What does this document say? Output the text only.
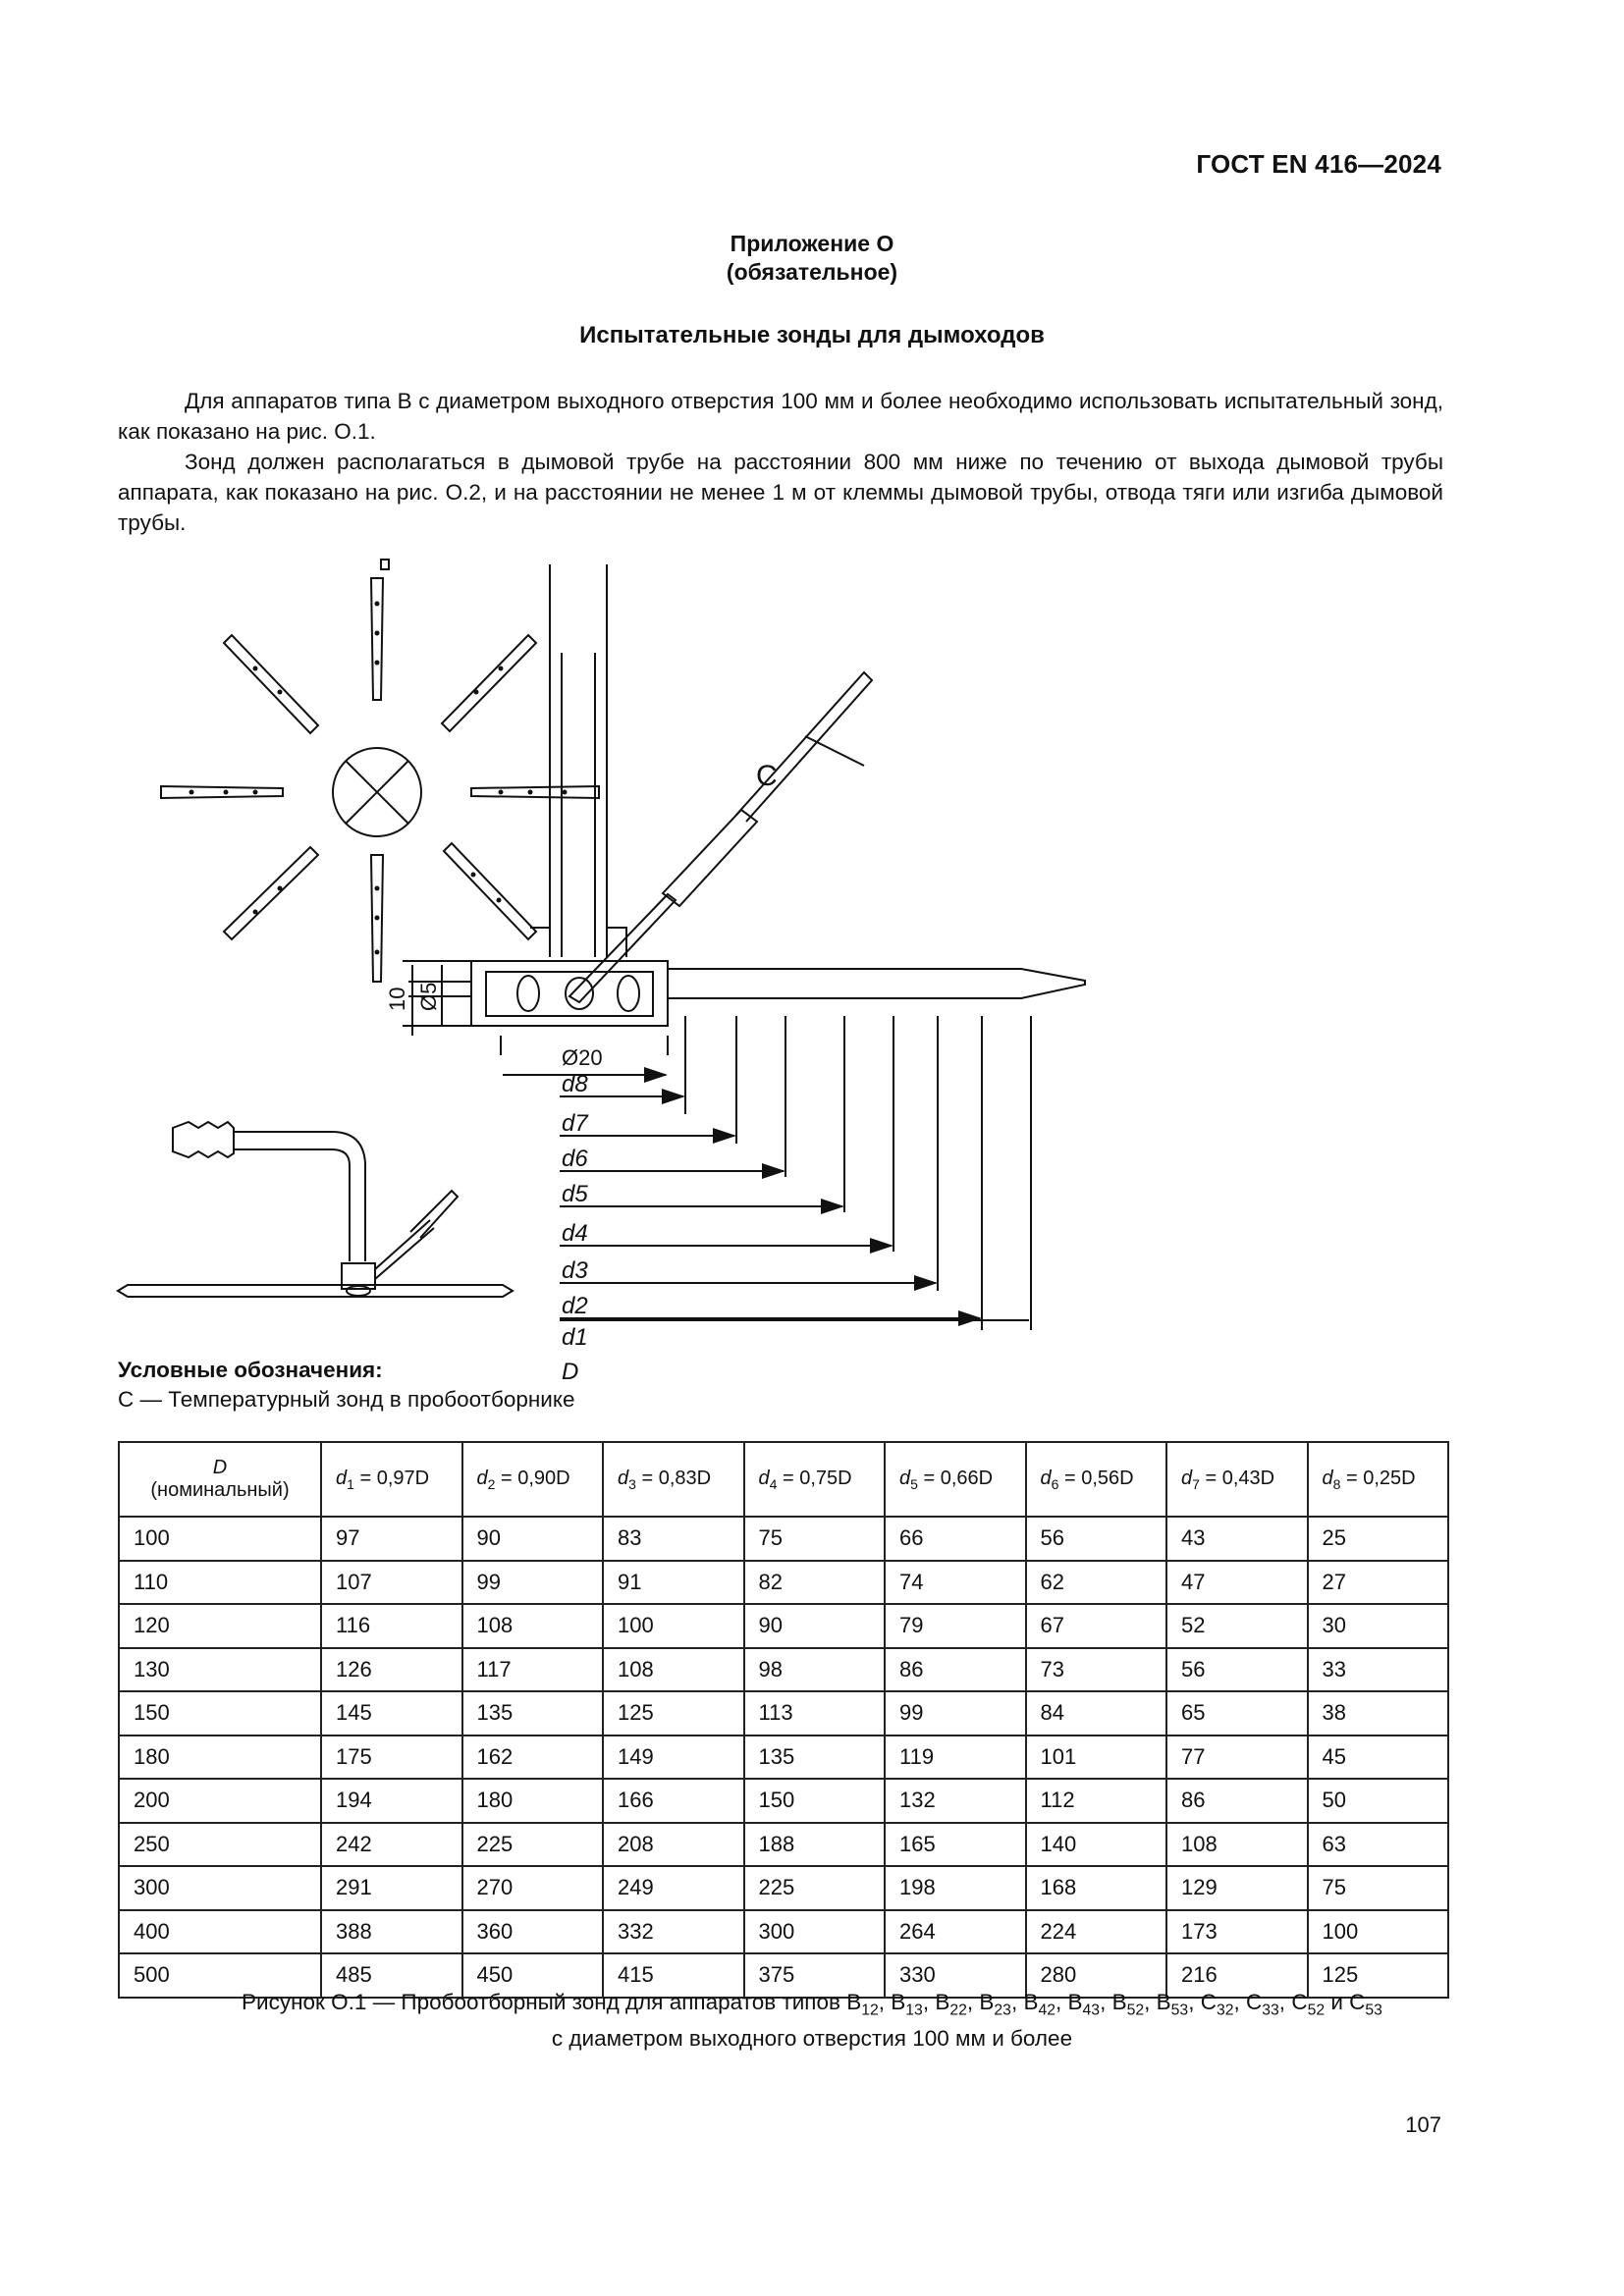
ГОСТ EN 416—2024
Приложение О
(обязательное)
Испытательные зонды для дымоходов
Для аппаратов типа В с диаметром выходного отверстия 100 мм и более необходимо использовать испытательный зонд, как показано на рис. О.1.
Зонд должен располагаться в дымовой трубе на расстоянии 800 мм ниже по течению от выхода дымовой трубы аппарата, как показано на рис. О.2, и на расстоянии не менее 1 м от клеммы дымовой трубы, отвода тяги или изгиба дымовой трубы.
C
10 Ø5
Ø20
d8
d7
d6
d5
d4
d3
d2
d1
D
Условные обозначения:
С — Температурный зонд в пробоотборнике
D
(номинальный)	$d_1 = 0,97D$	$d_2 = 0,90D$	$d_3 = 0,83D$	$d_4 = 0,75D$	$d_5 = 0,66D$	$d_6 = 0,56D$	$d_7 = 0,43D$	$d_8 = 0,25D$
100	97	90	83	75	66	56	43	25
110	107	99	91	82	74	62	47	27
120	116	108	100	90	79	67	52	30
130	126	117	108	98	86	73	56	33
150	145	135	125	113	99	84	65	38
180	175	162	149	135	119	101	77	45
200	194	180	166	150	132	112	86	50
250	242	225	208	188	165	140	108	63
300	291	270	249	225	198	168	129	75
400	388	360	332	300	264	224	173	100
500	485	450	415	375	330	280	216	125
Рисунок О.1 — Пробоотборный зонд для аппаратов типов $B_{12}$, $B_{13}$, $B_{22}$, $B_{23}$, $B_{42}$, $B_{43}$, $B_{52}$, $B_{53}$, $C_{32}$, $C_{33}$, $C_{52}$ и $C_{53}$
с диаметром выходного отверстия 100 мм и более
107
